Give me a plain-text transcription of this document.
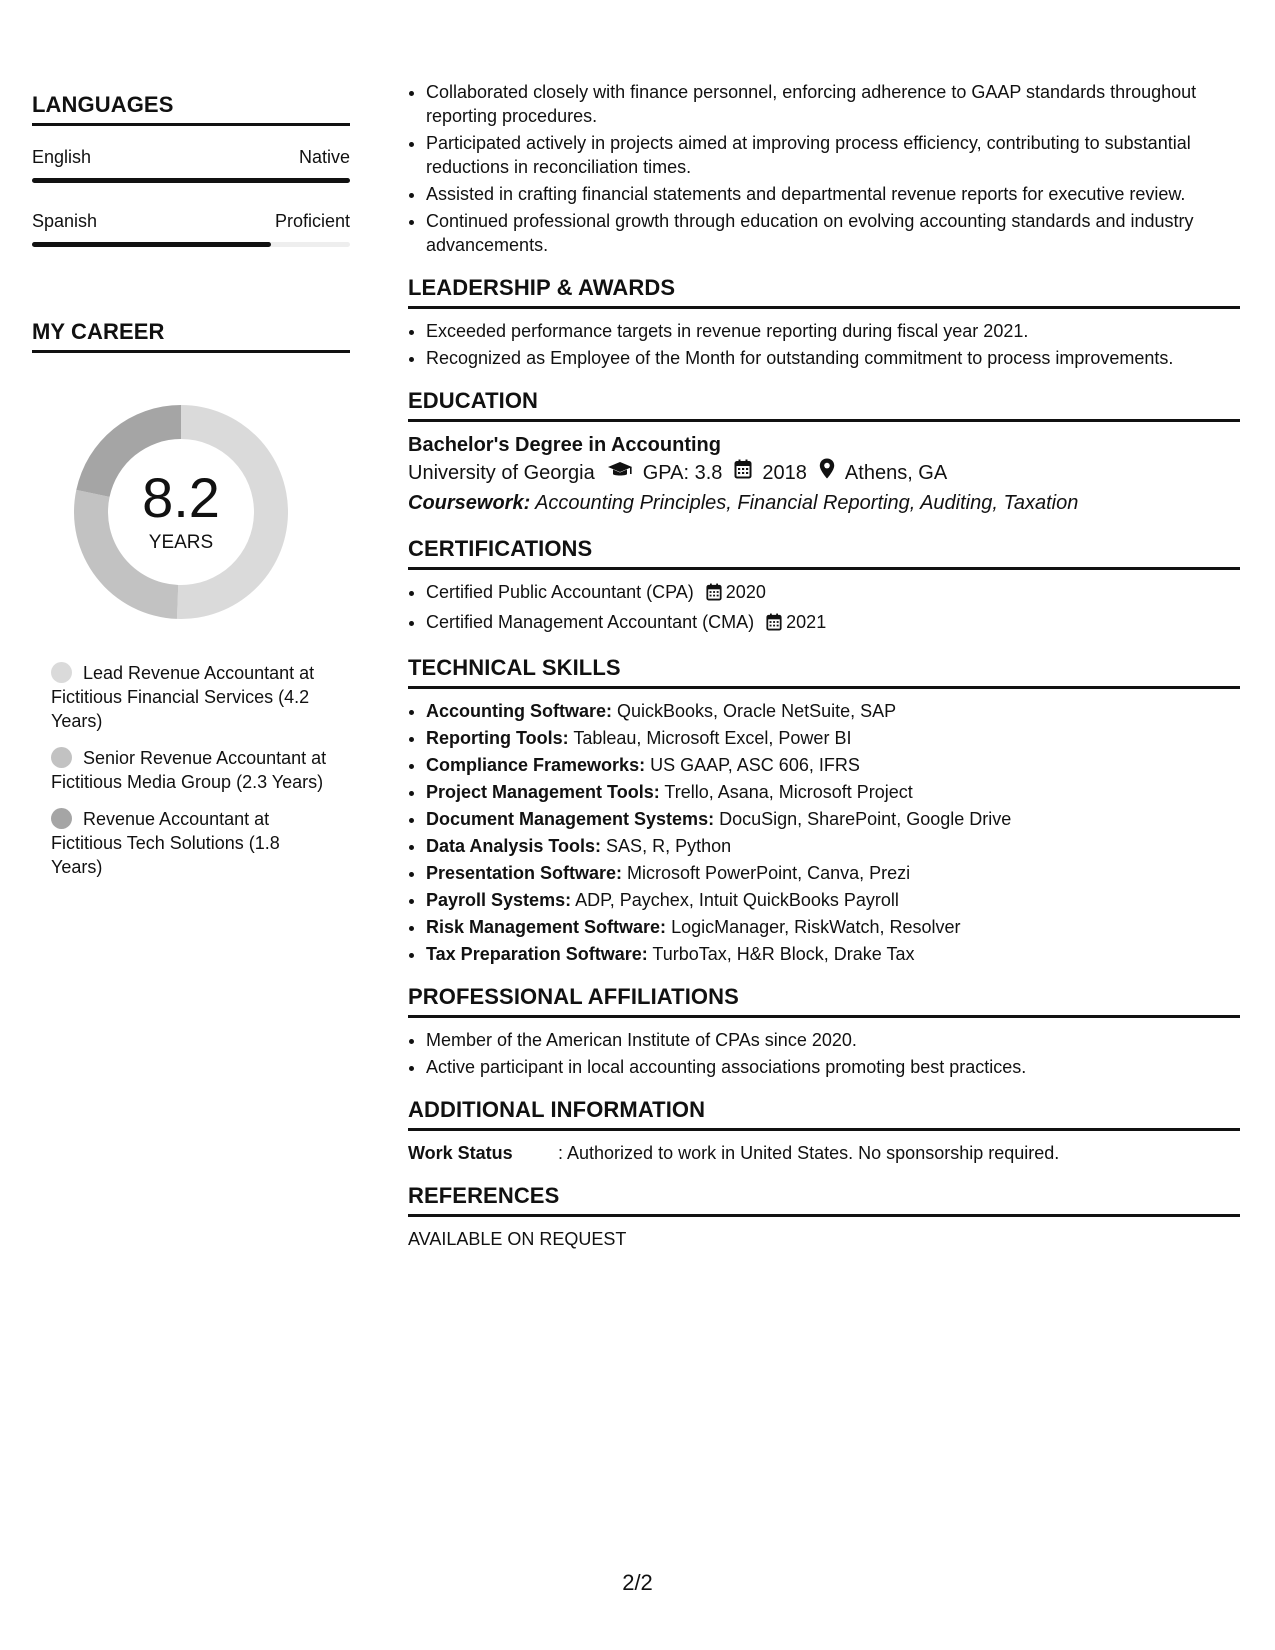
LANGUAGES
English	Native
Spanish	Proficient
MY CAREER
8.2
YEARS
Lead Revenue Accountant at Fictitious Financial Services (4.2 Years)
Senior Revenue Accountant at Fictitious Media Group (2.3 Years)
Revenue Accountant at Fictitious Tech Solutions (1.8 Years)
• Collaborated closely with finance personnel, enforcing adherence to GAAP standards throughout reporting procedures.
• Participated actively in projects aimed at improving process efficiency, contributing to substantial reductions in reconciliation times.
• Assisted in crafting financial statements and departmental revenue reports for executive review.
• Continued professional growth through education on evolving accounting standards and industry advancements.
LEADERSHIP & AWARDS
• Exceeded performance targets in revenue reporting during fiscal year 2021.
• Recognized as Employee of the Month for outstanding commitment to process improvements.
EDUCATION
Bachelor's Degree in Accounting
University of Georgia GPA: 3.8 2018 Athens, GA
Coursework: Accounting Principles, Financial Reporting, Auditing, Taxation
CERTIFICATIONS
• Certified Public Accountant (CPA) 2020
• Certified Management Accountant (CMA) 2021
TECHNICAL SKILLS
• Accounting Software: QuickBooks, Oracle NetSuite, SAP
• Reporting Tools: Tableau, Microsoft Excel, Power BI
• Compliance Frameworks: US GAAP, ASC 606, IFRS
• Project Management Tools: Trello, Asana, Microsoft Project
• Document Management Systems: DocuSign, SharePoint, Google Drive
• Data Analysis Tools: SAS, R, Python
• Presentation Software: Microsoft PowerPoint, Canva, Prezi
• Payroll Systems: ADP, Paychex, Intuit QuickBooks Payroll
• Risk Management Software: LogicManager, RiskWatch, Resolver
• Tax Preparation Software: TurboTax, H&R Block, Drake Tax
PROFESSIONAL AFFILIATIONS
• Member of the American Institute of CPAs since 2020.
• Active participant in local accounting associations promoting best practices.
ADDITIONAL INFORMATION
Work Status	: Authorized to work in United States. No sponsorship required.
REFERENCES
AVAILABLE ON REQUEST
2/2
